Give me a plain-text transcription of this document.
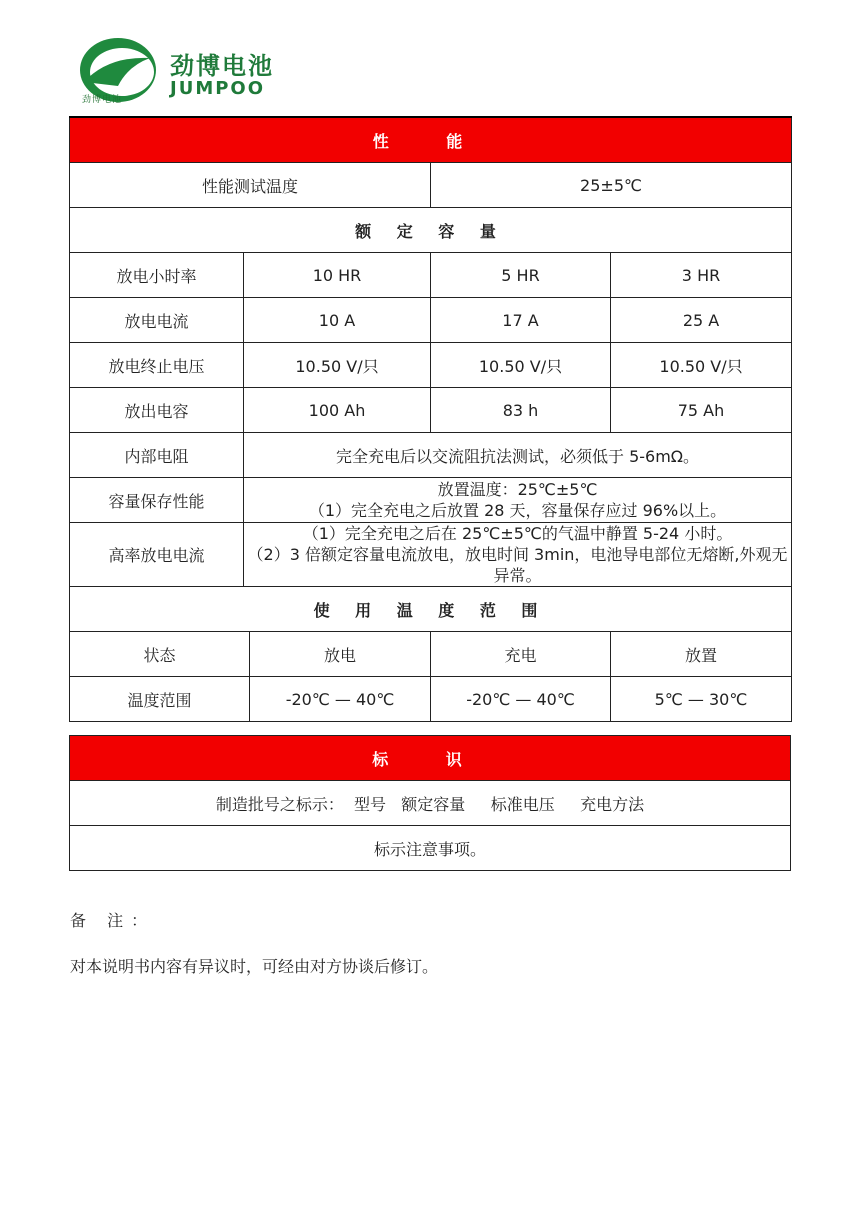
劲博电池
劲博电池
JUMPOO
性 能				
性能测试温度			25±5℃	
额 定 容 量				
放电小时率	10 HR		5 HR	3 HR
放电电流	10 A		17 A	25 A
放电终止电压	10.50 V/只		10.50 V/只	10.50 V/只
放出电容	100 Ah		83 h	75 Ah
内部电阻	完全充电后以交流阻抗法测试，必须低于 5-6mΩ。			
容量保存性能	放置温度：25℃±5℃
（1）完全充电之后放置 28 天，容量保存应过 96%以上。			

高率放电电流	（1）完全充电之后在 25℃±5℃的气温中静置 5-24 小时。
（2）3 倍额定容量电流放电，放电时间 3min，电池导电部位无熔断,外观无异常。			

使 用 温 度 范 围				
状态		放电	充电	放置
温度范围		-20℃ — 40℃	-20℃ — 40℃	5℃ — 30℃
标 识
制造批号之标示：  型号   额定容量     标准电压     充电方法
标示注意事项。
备 注：
对本说明书内容有异议时，可经由对方协谈后修订。
